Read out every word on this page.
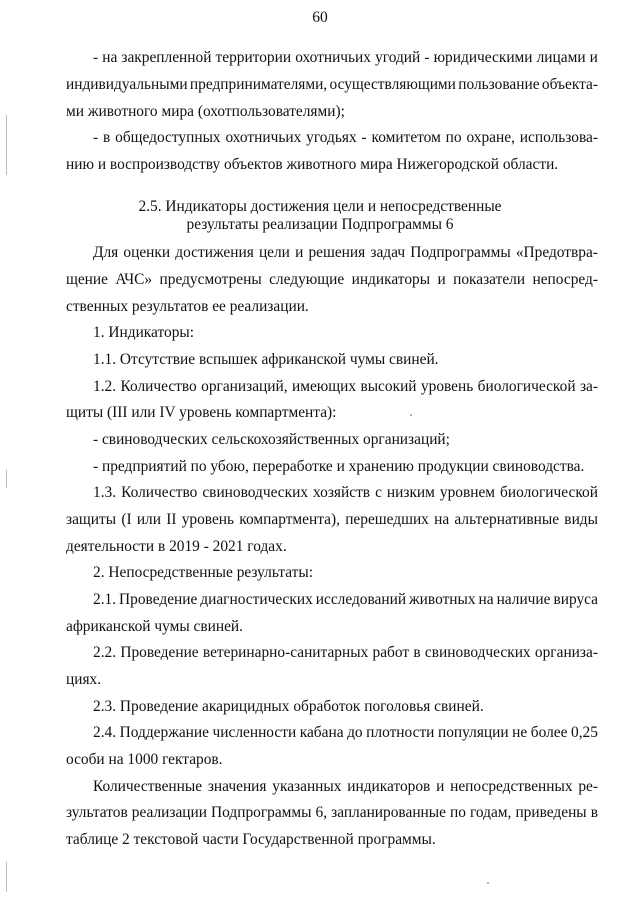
60
- на закрепленной территории охотничьих угодий - юридическими лицами и
индивидуальными предпринимателями, осуществляющими пользование объекта-
ми животного мира (охотпользователями);
- в общедоступных охотничьих угодьях - комитетом по охране, использова-
нию и воспроизводству объектов животного мира Нижегородской области.
2.5. Индикаторы достижения цели и непосредственные
результаты реализации Подпрограммы 6
Для оценки достижения цели и решения задач Подпрограммы «Предотвра-
щение АЧС» предусмотрены следующие индикаторы и показатели непосред-
ственных результатов ее реализации.
1. Индикаторы:
1.1. Отсутствие вспышек африканской чумы свиней.
1.2. Количество организаций, имеющих высокий уровень биологической за-
щиты (III или IV уровень компартмента):
- свиноводческих сельскохозяйственных организаций;
- предприятий по убою, переработке и хранению продукции свиноводства.
1.3. Количество свиноводческих хозяйств с низким уровнем биологической
защиты (I или II уровень компартмента), перешедших на альтернативные виды
деятельности в 2019 - 2021 годах.
2. Непосредственные результаты:
2.1. Проведение диагностических исследований животных на наличие вируса
африканской чумы свиней.
2.2. Проведение ветеринарно-санитарных работ в свиноводческих организа-
циях.
2.3. Проведение акарицидных обработок поголовья свиней.
2.4. Поддержание численности кабана до плотности популяции не более 0,25
особи на 1000 гектаров.
Количественные значения указанных индикаторов и непосредственных ре-
зультатов реализации Подпрограммы 6, запланированные по годам, приведены в
таблице 2 текстовой части Государственной программы.
